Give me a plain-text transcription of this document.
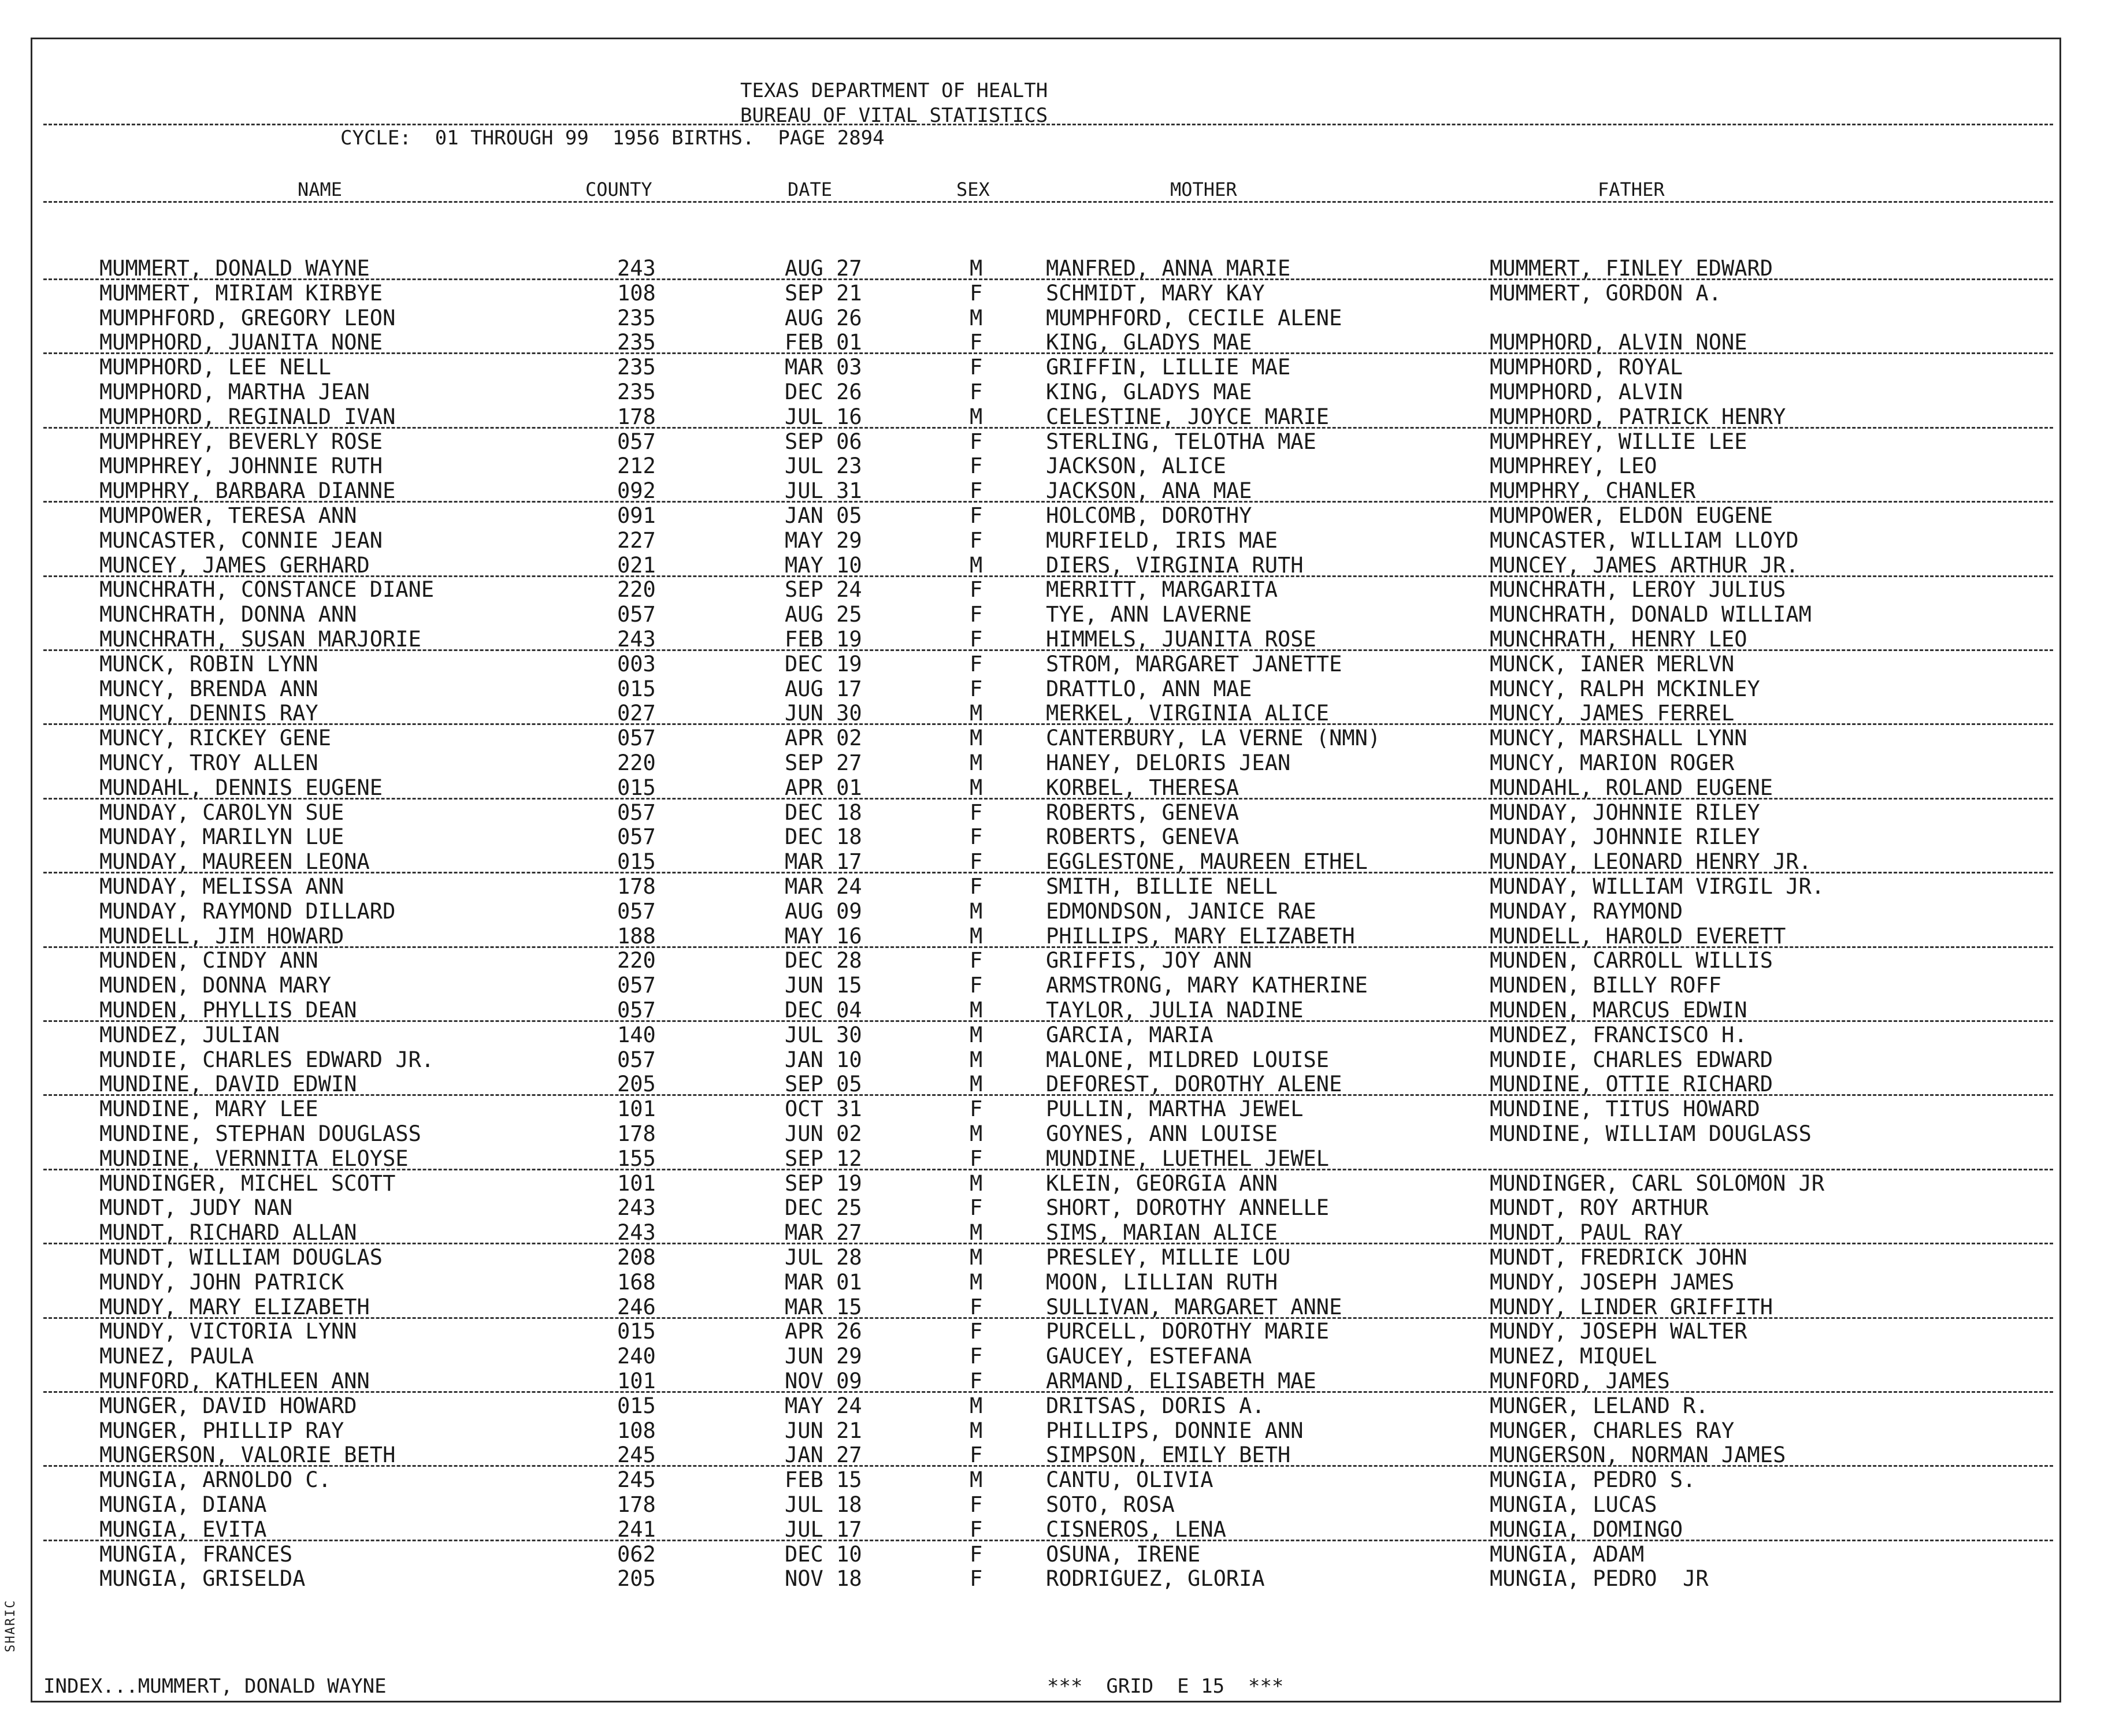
SHARIC
TEXAS DEPARTMENT OF HEALTH
BUREAU OF VITAL STATISTICS
CYCLE:  01 THROUGH 99  1956 BIRTHS.  PAGE 2894
NAME	COUNTY	DATE	SEX	MOTHER	FATHER
MUMMERT, DONALD WAYNE	243	AUG 27	M	MANFRED, ANNA MARIE	MUMMERT, FINLEY EDWARD
MUMMERT, MIRIAM KIRBYE	108	SEP 21	F	SCHMIDT, MARY KAY	MUMMERT, GORDON A.
MUMPHFORD, GREGORY LEON	235	AUG 26	M	MUMPHFORD, CECILE ALENE
MUMPHORD, JUANITA NONE	235	FEB 01	F	KING, GLADYS MAE	MUMPHORD, ALVIN NONE
MUMPHORD, LEE NELL	235	MAR 03	F	GRIFFIN, LILLIE MAE	MUMPHORD, ROYAL
MUMPHORD, MARTHA JEAN	235	DEC 26	F	KING, GLADYS MAE	MUMPHORD, ALVIN
MUMPHORD, REGINALD IVAN	178	JUL 16	M	CELESTINE, JOYCE MARIE	MUMPHORD, PATRICK HENRY
MUMPHREY, BEVERLY ROSE	057	SEP 06	F	STERLING, TELOTHA MAE	MUMPHREY, WILLIE LEE
MUMPHREY, JOHNNIE RUTH	212	JUL 23	F	JACKSON, ALICE	MUMPHREY, LEO
MUMPHRY, BARBARA DIANNE	092	JUL 31	F	JACKSON, ANA MAE	MUMPHRY, CHANLER
MUMPOWER, TERESA ANN	091	JAN 05	F	HOLCOMB, DOROTHY	MUMPOWER, ELDON EUGENE
MUNCASTER, CONNIE JEAN	227	MAY 29	F	MURFIELD, IRIS MAE	MUNCASTER, WILLIAM LLOYD
MUNCEY, JAMES GERHARD	021	MAY 10	M	DIERS, VIRGINIA RUTH	MUNCEY, JAMES ARTHUR JR.
MUNCHRATH, CONSTANCE DIANE	220	SEP 24	F	MERRITT, MARGARITA	MUNCHRATH, LEROY JULIUS
MUNCHRATH, DONNA ANN	057	AUG 25	F	TYE, ANN LAVERNE	MUNCHRATH, DONALD WILLIAM
MUNCHRATH, SUSAN MARJORIE	243	FEB 19	F	HIMMELS, JUANITA ROSE	MUNCHRATH, HENRY LEO
MUNCK, ROBIN LYNN	003	DEC 19	F	STROM, MARGARET JANETTE	MUNCK, IANER MERLVN
MUNCY, BRENDA ANN	015	AUG 17	F	DRATTLO, ANN MAE	MUNCY, RALPH MCKINLEY
MUNCY, DENNIS RAY	027	JUN 30	M	MERKEL, VIRGINIA ALICE	MUNCY, JAMES FERREL
MUNCY, RICKEY GENE	057	APR 02	M	CANTERBURY, LA VERNE (NMN)	MUNCY, MARSHALL LYNN
MUNCY, TROY ALLEN	220	SEP 27	M	HANEY, DELORIS JEAN	MUNCY, MARION ROGER
MUNDAHL, DENNIS EUGENE	015	APR 01	M	KORBEL, THERESA	MUNDAHL, ROLAND EUGENE
MUNDAY, CAROLYN SUE	057	DEC 18	F	ROBERTS, GENEVA	MUNDAY, JOHNNIE RILEY
MUNDAY, MARILYN LUE	057	DEC 18	F	ROBERTS, GENEVA	MUNDAY, JOHNNIE RILEY
MUNDAY, MAUREEN LEONA	015	MAR 17	F	EGGLESTONE, MAUREEN ETHEL	MUNDAY, LEONARD HENRY JR.
MUNDAY, MELISSA ANN	178	MAR 24	F	SMITH, BILLIE NELL	MUNDAY, WILLIAM VIRGIL JR.
MUNDAY, RAYMOND DILLARD	057	AUG 09	M	EDMONDSON, JANICE RAE	MUNDAY, RAYMOND
MUNDELL, JIM HOWARD	188	MAY 16	M	PHILLIPS, MARY ELIZABETH	MUNDELL, HAROLD EVERETT
MUNDEN, CINDY ANN	220	DEC 28	F	GRIFFIS, JOY ANN	MUNDEN, CARROLL WILLIS
MUNDEN, DONNA MARY	057	JUN 15	F	ARMSTRONG, MARY KATHERINE	MUNDEN, BILLY ROFF
MUNDEN, PHYLLIS DEAN	057	DEC 04	M	TAYLOR, JULIA NADINE	MUNDEN, MARCUS EDWIN
MUNDEZ, JULIAN	140	JUL 30	M	GARCIA, MARIA	MUNDEZ, FRANCISCO H.
MUNDIE, CHARLES EDWARD JR.	057	JAN 10	M	MALONE, MILDRED LOUISE	MUNDIE, CHARLES EDWARD
MUNDINE, DAVID EDWIN	205	SEP 05	M	DEFOREST, DOROTHY ALENE	MUNDINE, OTTIE RICHARD
MUNDINE, MARY LEE	101	OCT 31	F	PULLIN, MARTHA JEWEL	MUNDINE, TITUS HOWARD
MUNDINE, STEPHAN DOUGLASS	178	JUN 02	M	GOYNES, ANN LOUISE	MUNDINE, WILLIAM DOUGLASS
MUNDINE, VERNNITA ELOYSE	155	SEP 12	F	MUNDINE, LUETHEL JEWEL
MUNDINGER, MICHEL SCOTT	101	SEP 19	M	KLEIN, GEORGIA ANN	MUNDINGER, CARL SOLOMON JR
MUNDT, JUDY NAN	243	DEC 25	F	SHORT, DOROTHY ANNELLE	MUNDT, ROY ARTHUR
MUNDT, RICHARD ALLAN	243	MAR 27	M	SIMS, MARIAN ALICE	MUNDT, PAUL RAY
MUNDT, WILLIAM DOUGLAS	208	JUL 28	M	PRESLEY, MILLIE LOU	MUNDT, FREDRICK JOHN
MUNDY, JOHN PATRICK	168	MAR 01	M	MOON, LILLIAN RUTH	MUNDY, JOSEPH JAMES
MUNDY, MARY ELIZABETH	246	MAR 15	F	SULLIVAN, MARGARET ANNE	MUNDY, LINDER GRIFFITH
MUNDY, VICTORIA LYNN	015	APR 26	F	PURCELL, DOROTHY MARIE	MUNDY, JOSEPH WALTER
MUNEZ, PAULA	240	JUN 29	F	GAUCEY, ESTEFANA	MUNEZ, MIQUEL
MUNFORD, KATHLEEN ANN	101	NOV 09	F	ARMAND, ELISABETH MAE	MUNFORD, JAMES
MUNGER, DAVID HOWARD	015	MAY 24	M	DRITSAS, DORIS A.	MUNGER, LELAND R.
MUNGER, PHILLIP RAY	108	JUN 21	M	PHILLIPS, DONNIE ANN	MUNGER, CHARLES RAY
MUNGERSON, VALORIE BETH	245	JAN 27	F	SIMPSON, EMILY BETH	MUNGERSON, NORMAN JAMES
MUNGIA, ARNOLDO C.	245	FEB 15	M	CANTU, OLIVIA	MUNGIA, PEDRO S.
MUNGIA, DIANA	178	JUL 18	F	SOTO, ROSA	MUNGIA, LUCAS
MUNGIA, EVITA	241	JUL 17	F	CISNEROS, LENA	MUNGIA, DOMINGO
MUNGIA, FRANCES	062	DEC 10	F	OSUNA, IRENE	MUNGIA, ADAM
MUNGIA, GRISELDA	205	NOV 18	F	RODRIGUEZ, GLORIA	MUNGIA, PEDRO  JR
INDEX...MUMMERT, DONALD WAYNE	***  GRID  E 15  ***
